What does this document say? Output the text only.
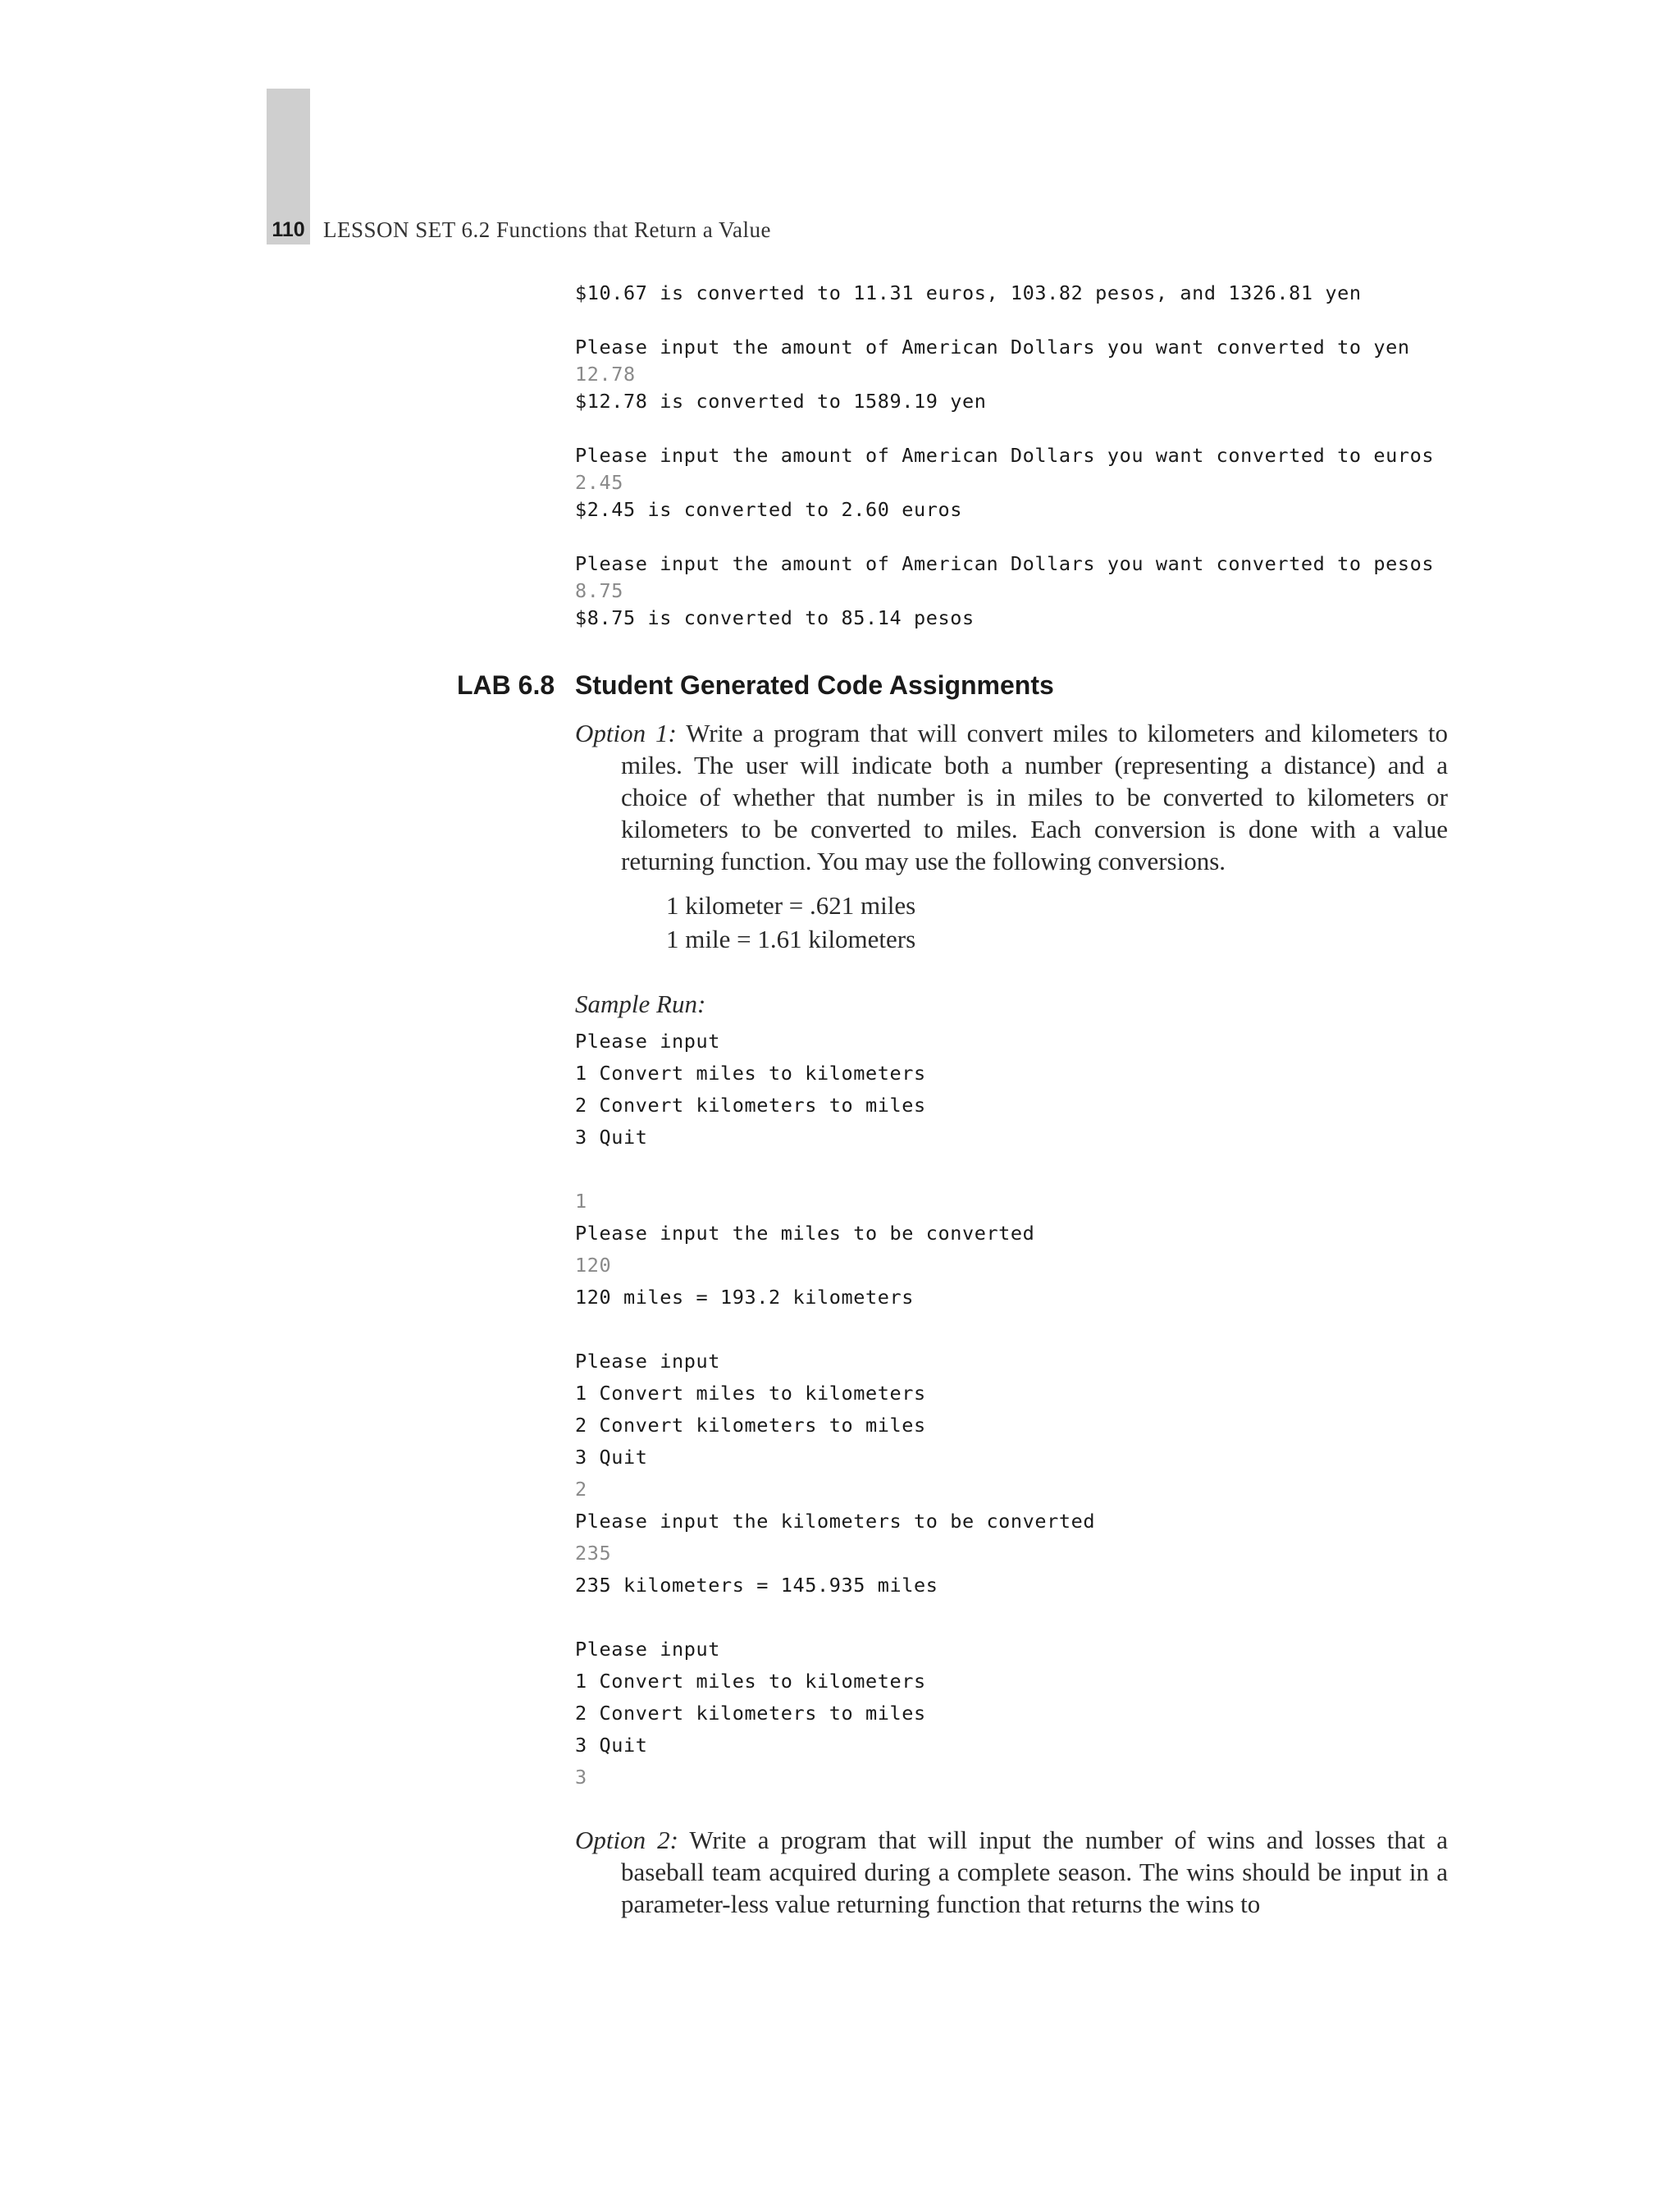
110 LESSON SET 6.2 Functions that Return a Value
$10.67 is converted to 11.31 euros, 103.82 pesos, and 1326.81 yen

Please input the amount of American Dollars you want converted to yen
12.78
$12.78 is converted to 1589.19 yen

Please input the amount of American Dollars you want converted to euros
2.45
$2.45 is converted to 2.60 euros

Please input the amount of American Dollars you want converted to pesos
8.75
$8.75 is converted to 85.14 pesos
LAB 6.8 Student Generated Code Assignments
Option 1: Write a program that will convert miles to kilometers and kilometers to miles. The user will indicate both a number (representing a distance) and a choice of whether that number is in miles to be converted to kilometers or kilometers to be converted to miles. Each conversion is done with a value returning function. You may use the following conversions.
1 kilometer = .621 miles
1 mile = 1.61 kilometers
Sample Run:
Please input
1 Convert miles to kilometers
2 Convert kilometers to miles
3 Quit

1
Please input the miles to be converted
120
120 miles = 193.2 kilometers

Please input
1 Convert miles to kilometers
2 Convert kilometers to miles
3 Quit
2
Please input the kilometers to be converted
235
235 kilometers = 145.935 miles

Please input
1 Convert miles to kilometers
2 Convert kilometers to miles
3 Quit
3
Option 2: Write a program that will input the number of wins and losses that a baseball team acquired during a complete season. The wins should be input in a parameter-less value returning function that returns the wins to
